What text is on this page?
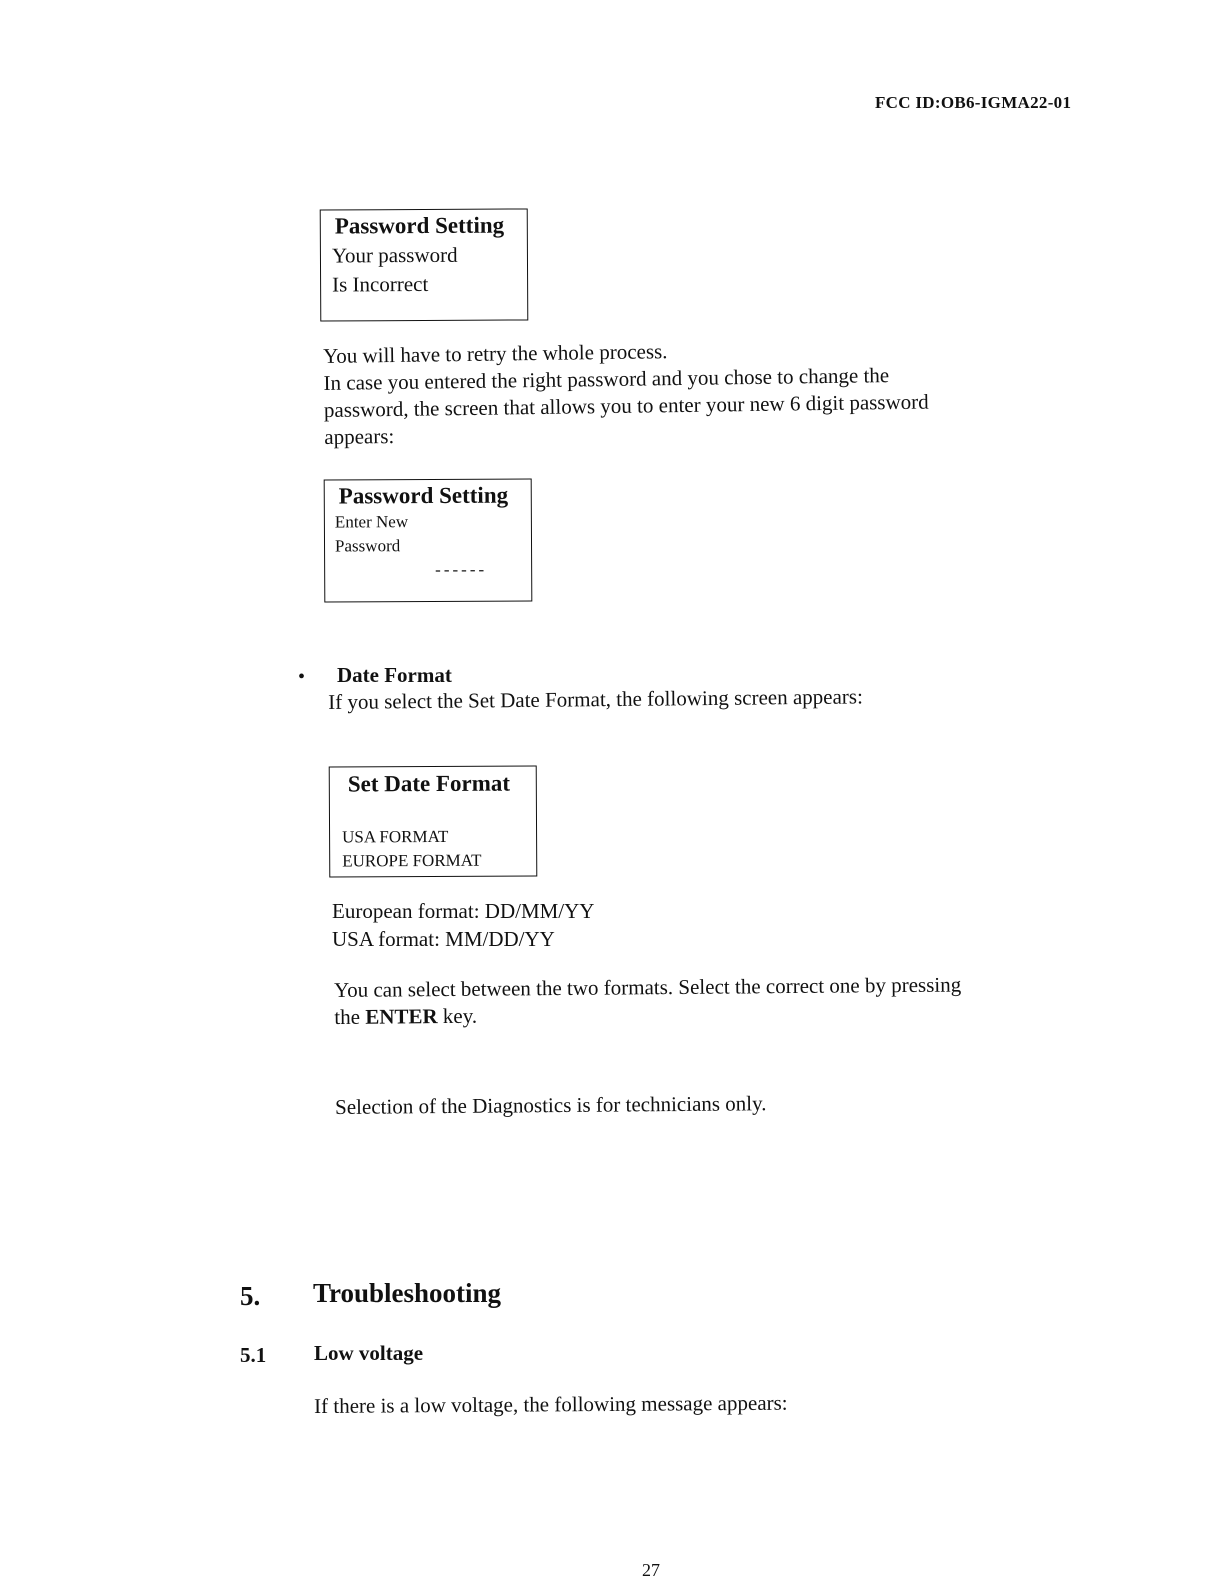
FCC ID:OB6-IGMA22-01
Password Setting
Your password
Is Incorrect
You will have to retry the whole process.
In case you entered the right password and you chose to change the
password, the screen that allows you to enter your new 6 digit password
appears:
Password Setting
Enter New
Password
------
• Date Format
If you select the Set Date Format, the following screen appears:
Set Date Format
USA FORMAT
EUROPE FORMAT
European format: DD/MM/YY
USA format: MM/DD/YY
You can select between the two formats. Select the correct one by pressing
the ENTER key.
Selection of the Diagnostics is for technicians only.
5. Troubleshooting
5.1 Low voltage
If there is a low voltage, the following message appears:
27
